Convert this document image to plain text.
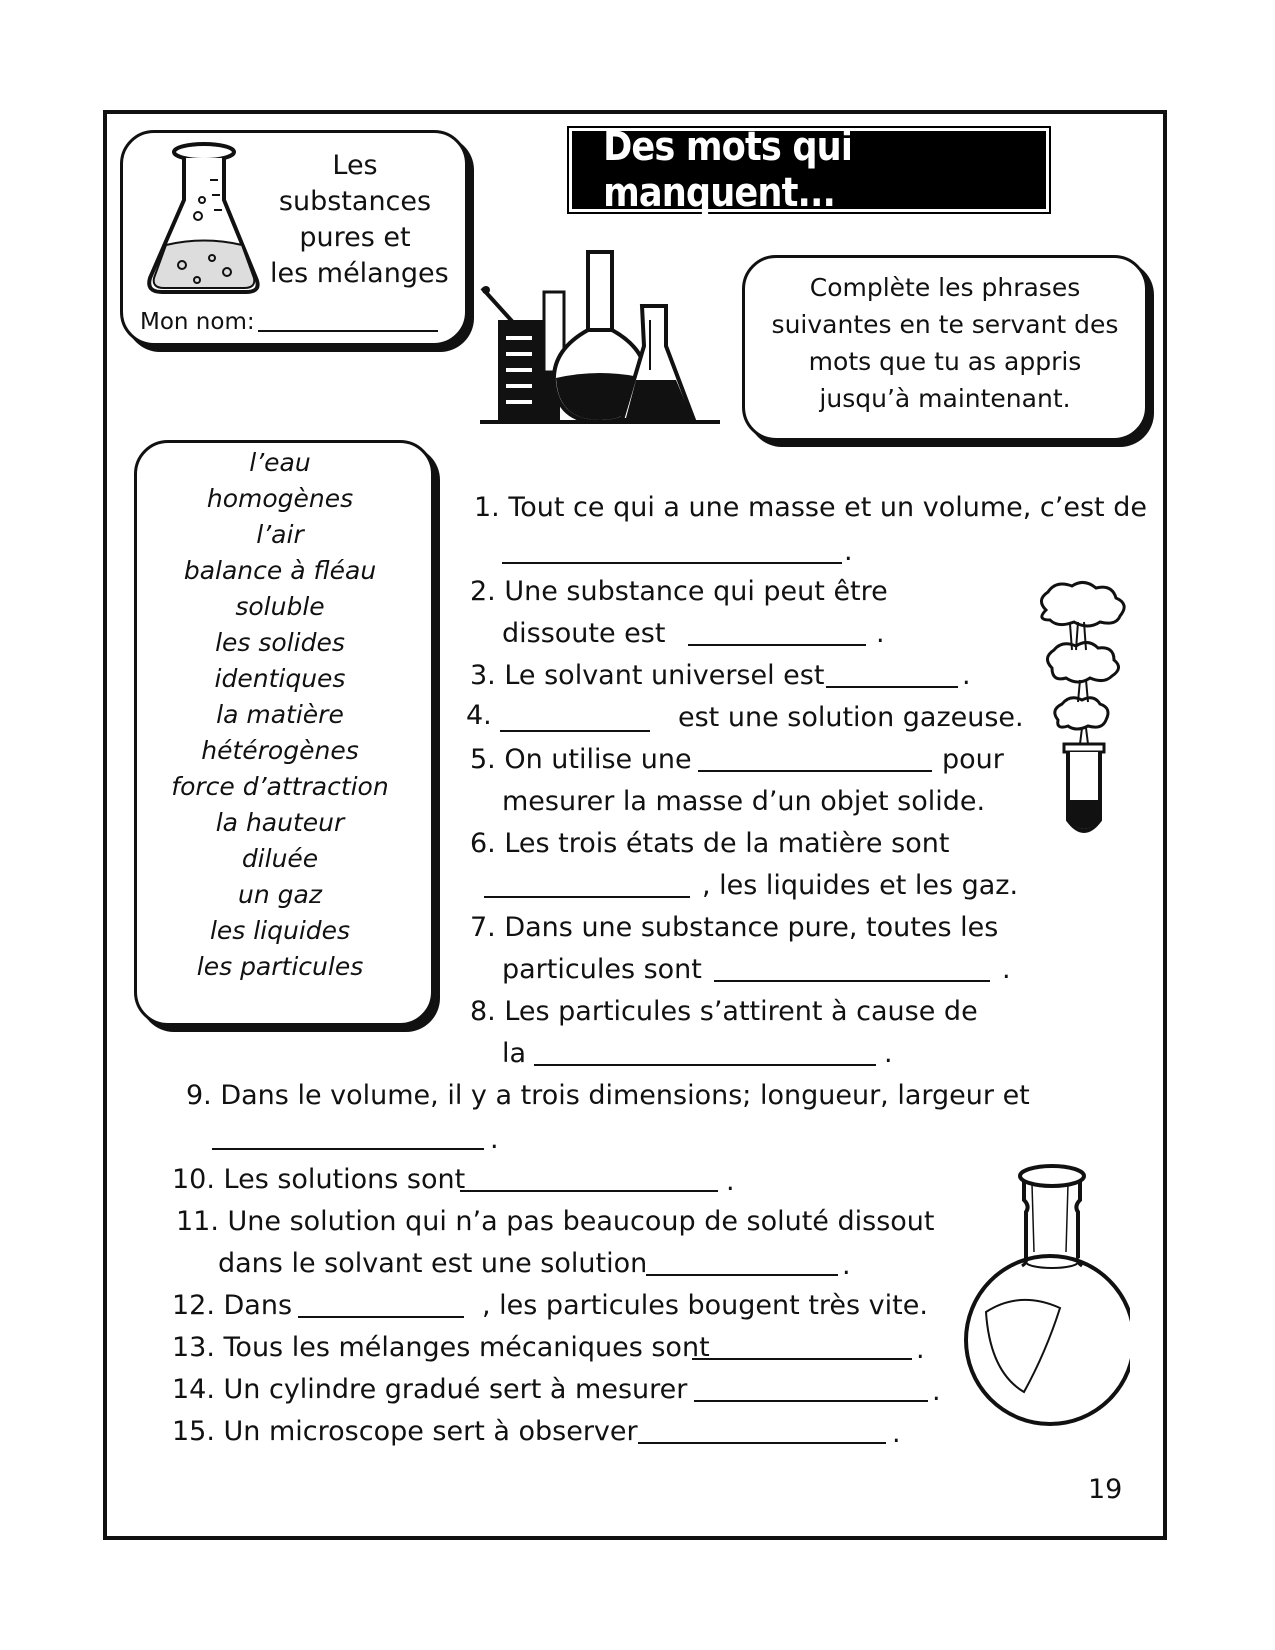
Les
substances
pures et
les mélanges
Mon nom:
Des mots qui manquent...
Complète les phrases
suivantes en te servant des
mots que tu as appris
jusqu’à maintenant.
l’eau
homogènes
l’air
balance à fléau
soluble
les solides
identiques
la matière
hétérogènes
force d’attraction
la hauteur
diluée
un gaz
les liquides
les particules
1. Tout ce qui a une masse et un volume, c’est de
.
2. Une substance qui peut être
dissoute est	.
3. Le solvant universel est	.
4.	est une solution gazeuse.
5. On utilise une	pour
mesurer la masse d’un objet solide.
6. Les trois états de la matière sont
, les liquides et les gaz.
7. Dans une substance pure, toutes les
particules sont	.
8. Les particules s’attirent à cause de
la	.
9. Dans le volume, il y a trois dimensions; longueur, largeur et
.
10. Les solutions sont	.
11. Une solution qui n’a pas beaucoup de soluté dissout
dans le solvant est une solution	.
12. Dans	, les particules bougent très vite.
13. Tous les mélanges mécaniques sont	.
14. Un cylindre gradué sert à mesurer	.
15. Un microscope sert à observer	.
19
